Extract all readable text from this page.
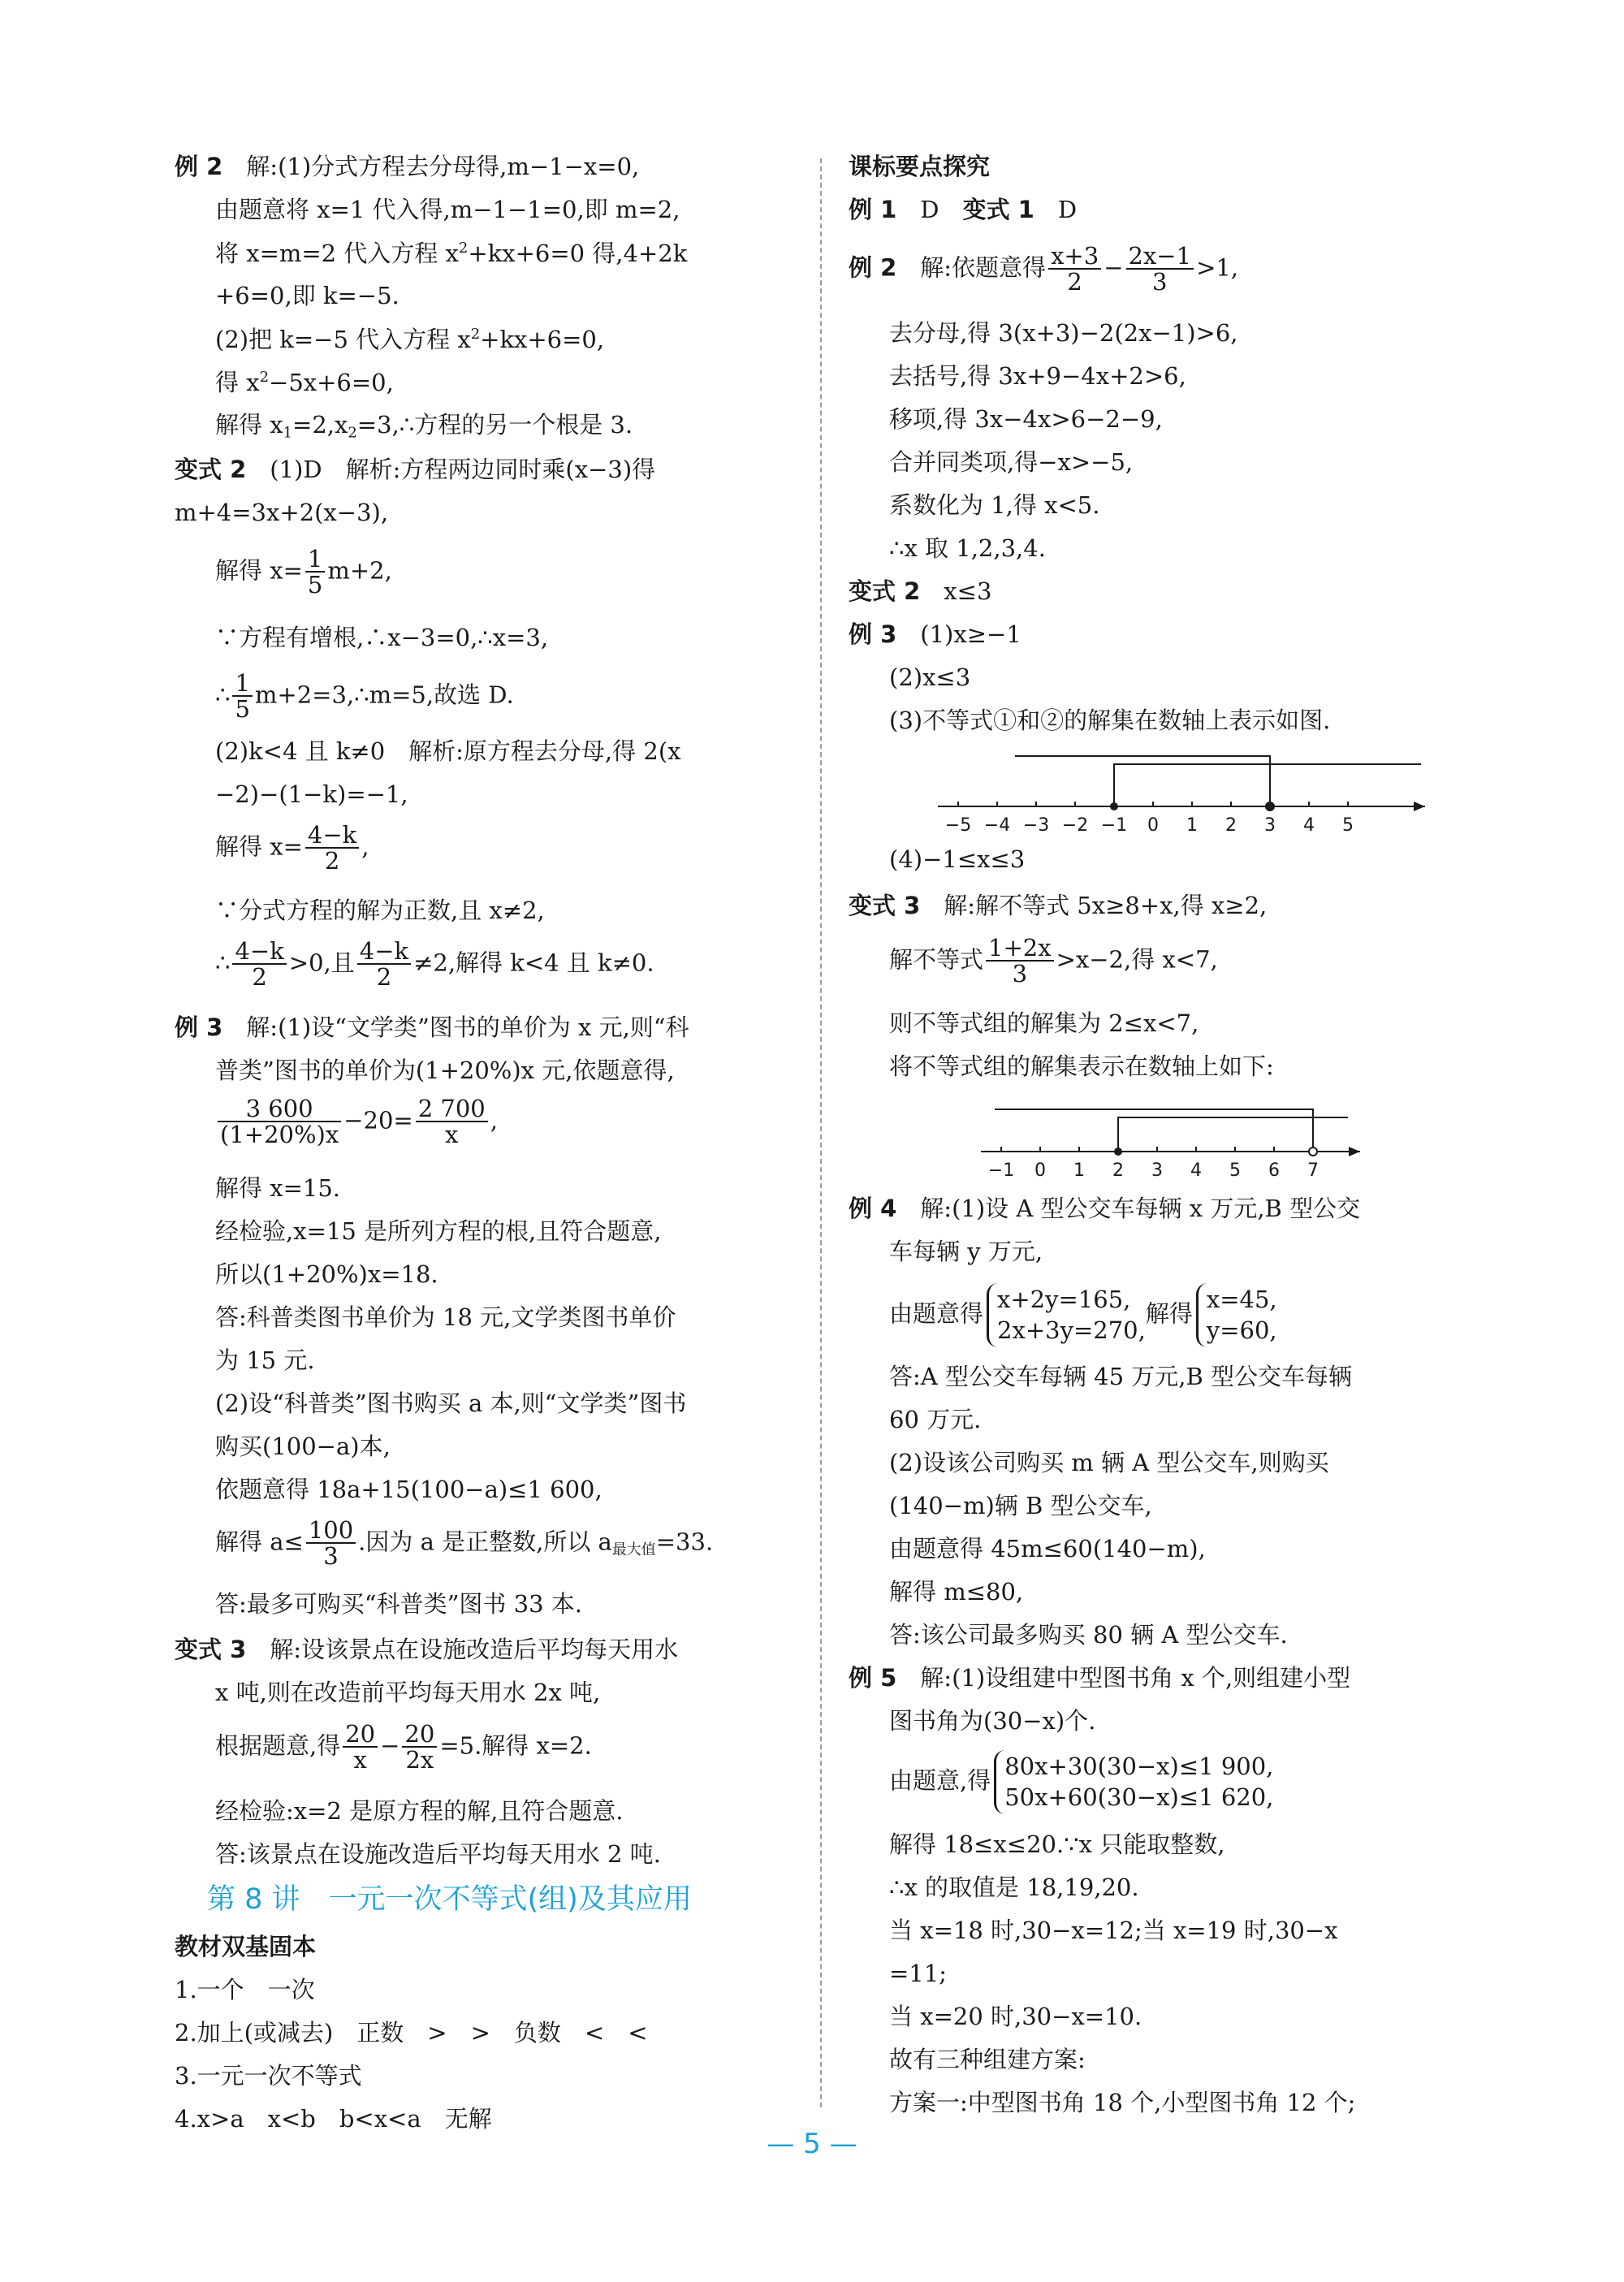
例 2　 解:(1)分式方程去分母得,m−1−x=0,
由题意将 x=1 代入得,m−1−1=0,即 m=2,
将 x=m=2 代入方程 $x^2+kx+6=0$ 得,4+2k
+6=0,即 k=−5.
(2)把 k=−5 代入方程 $x^2+kx+6=0$,
得 $x^2-5x+6=0$,
解得 $x_1=2,x_2=3,\therefore$方程的另一个根是 3.
变式 2　 (1)D　解析:方程两边同时乘(x−3)得
m+4=3x+2(x−3),
解得 $x= \frac{1}{5} m+2$,
∵方程有增根,∴x−3=0,∴x=3,
∴ $\frac{1}{5}$ m+2=3,∴m=5,故选 D.
(2)k<4 且 k≠0　解析:原方程去分母,得 2(x
−2)−(1−k)=−1,
解得 $x= \frac{4-k}{2}$ ,
∵分式方程的解为正数,且 x≠2,
∴ $\frac{4-k}{2} >0$,且 $\frac{4-k}{2} \ne 2$,解得 k<4 且 k≠0.
例 3　 解:(1)设“文学类”图书的单价为 x 元,则“科
普类”图书的单价为(1+20%)x 元,依题意得,
$\frac{3 600}{(1+20\%)x} -20= \frac{2 700}{x}$ ,
解得 x=15.
经检验,x=15 是所列方程的根,且符合题意,
所以(1+20%)x=18.
答:科普类图书单价为 18 元,文学类图书单价
为 15 元.
(2)设“科普类”图书购买 a 本,则“文学类”图书
购买(100−a)本,
依题意得 18a+15(100−a)≤1 600,
解得 $a\le \frac{100}{3}$ .因为 a 是正整数,所以 $a_{最大值}=33$.
答:最多可购买“科普类”图书 33 本.
变式 3　 解:设该景点在设施改造后平均每天用水
x 吨,则在改造前平均每天用水 2x 吨,
根据题意,得 $\frac{20}{x} - \frac{20}{2x} =5$.解得 x=2.
经检验:x=2 是原方程的解,且符合题意.
答:该景点在设施改造后平均每天用水 2 吨.
第 8 讲　一元一次不等式(组)及其应用
教材双基固本
1.一个　一次
2.加上(或减去)　正数　>　>　负数　<　<
3.一元一次不等式
4.x>a　x<b　b<x<a　无解
课标要点探究
例 1　 D　 变式 1　 D
例 2　 解:依题意得 $\frac{x+3}{2} - \frac{2x-1}{3} >1$,
去分母,得 3(x+3)−2(2x−1)>6,
去括号,得 3x+9−4x+2>6,
移项,得 3x−4x>6−2−9,
合并同类项,得−x>−5,
系数化为 1,得 x<5.
∴x 取 1,2,3,4.
变式 2　 x≤3
例 3　 (1)x≥−1
(2)x≤3
(3)不等式①和②的解集在数轴上表示如图.
−5 −4 −3 −2 −1 0 1 2 3 4 5
(4)−1≤x≤3
变式 3　 解:解不等式 5x≥8+x,得 x≥2,
解不等式 $\frac{1+2x}{3} >x-2$,得 x<7,
则不等式组的解集为 2≤x<7,
将不等式组的解集表示在数轴上如下:
−1 0 1 2 3 4 5 6 7
例 4　 解:(1)设 A 型公交车每辆 x 万元,B 型公交
车每辆 y 万元,
由题意得
x+2y=165,
2x+3y=270,
解得
x=45,
y=60,
答:A 型公交车每辆 45 万元,B 型公交车每辆
60 万元.
(2)设该公司购买 m 辆 A 型公交车,则购买
(140−m)辆 B 型公交车,
由题意得 45m≤60(140−m),
解得 m≤80,
答:该公司最多购买 80 辆 A 型公交车.
例 5　 解:(1)设组建中型图书角 x 个,则组建小型
图书角为(30−x)个.
由题意,得
80x+30(30−x)≤1 900,
50x+60(30−x)≤1 620,
解得 18≤x≤20.∵x 只能取整数,
∴x 的取值是 18,19,20.
当 x=18 时,30−x=12;当 x=19 时,30−x
=11;
当 x=20 时,30−x=10.
故有三种组建方案:
方案一:中型图书角 18 个,小型图书角 12 个;
— 5 —
